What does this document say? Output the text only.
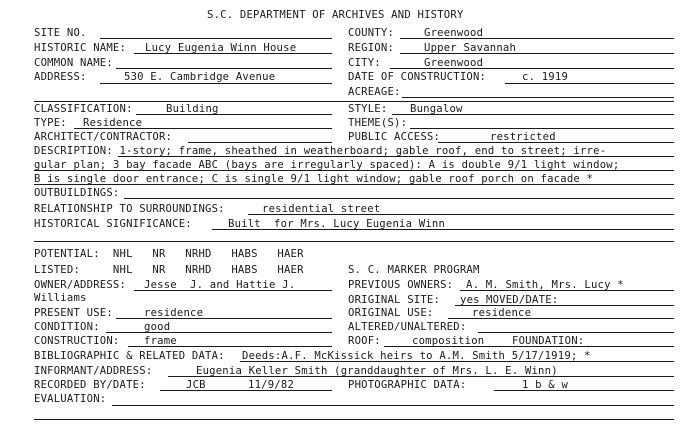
S.C. DEPARTMENT OF ARCHIVES AND HISTORY
SITE NO.
HISTORIC NAME: Lucy Eugenia Winn House
COMMON NAME:
ADDRESS:	530 E. Cambridge Avenue
CLASSIFICATION:	Building
TYPE: Residence
ARCHITECT/CONTRACTOR:
COUNTY:	Greenwood
REGION:	Upper Savannah
CITY:	Greenwood
DATE OF CONSTRUCTION:	c. 1919
ACREAGE:
STYLE: Bungalow
THEME(S):
PUBLIC ACCESS:	restricted
DESCRIPTION: 1-story; frame, sheathed in weatherboard; gable roof, end to street; irre-
gular plan; 3 bay facade ABC (bays are irregularly spaced): A is double 9/1 light window;
B is single door entrance; C is single 9/1 light window; gable roof porch on facade *
OUTBUILDINGS:
RELATIONSHIP TO SURROUNDINGS:	residential street
HISTORICAL SIGNIFICANCE:	Built  for Mrs. Lucy Eugenia Winn
POTENTIAL:  NHL   NR   NRHD   HABS   HAER
LISTED:     NHL   NR   NRHD   HABS   HAER	S. C. MARKER PROGRAM
OWNER/ADDRESS: Jesse  J. and Hattie J.
Williams
PREVIOUS OWNERS: A. M. Smith, Mrs. Lucy *
ORIGINAL SITE: yes MOVED/DATE:
PRESENT USE:	residence	ORIGINAL USE:	residence
CONDITION:	good	ALTERED/UNALTERED:
CONSTRUCTION: frame	ROOF:	composition	FOUNDATION:
BIBLIOGRAPHIC & RELATED DATA: Deeds:A.F. McKissick heirs to A.M. Smith 5/17/1919; *
INFORMANT/ADDRESS:	Eugenia Keller Smith (granddaughter of Mrs. L. E. Winn)
RECORDED BY/DATE:	JCB	11/9/82	PHOTOGRAPHIC DATA:	1 b & w
EVALUATION:
